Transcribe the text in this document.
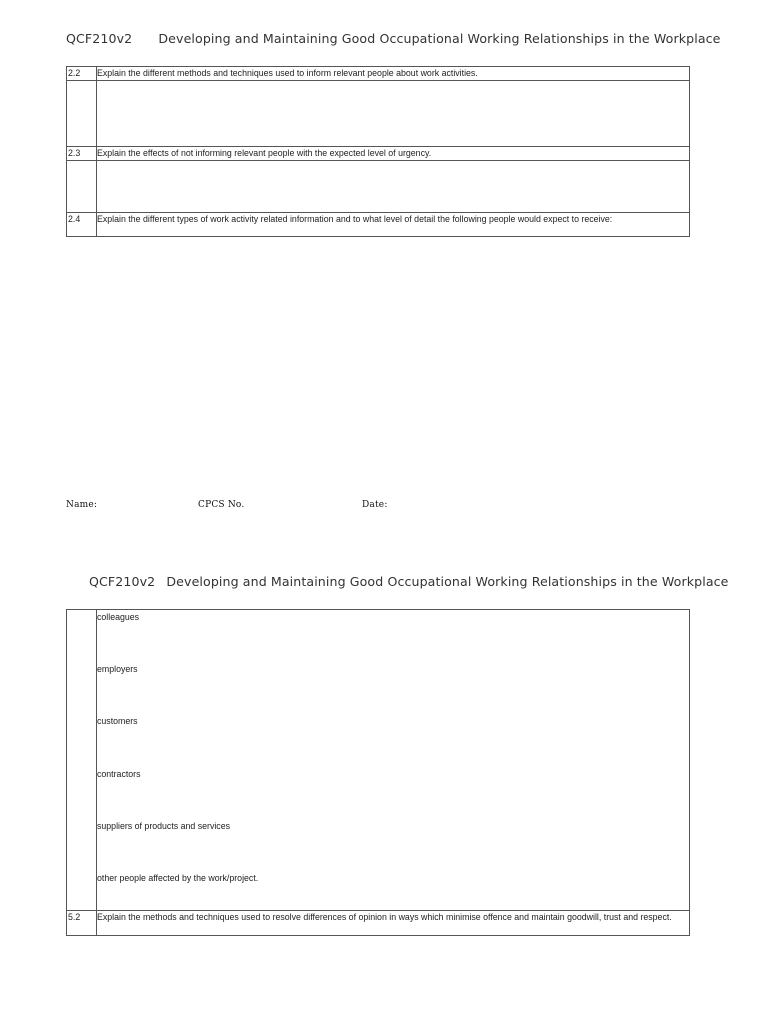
QCF210v2 Developing and Maintaining Good Occupational Working Relationships in the Workplace
2.2 Explain the different methods and techniques used to inform relevant people about work activities.
2.3 Explain the effects of not informing relevant people with the expected level of urgency.
2.4 Explain the different types of work activity related information and to what level of detail the following people would expect to receive:
Name:	CPCS No.	Date:
QCF210v2 Developing and Maintaining Good Occupational Working Relationships in the Workplace
colleagues
employers
customers
contractors
suppliers of products and services
other people affected by the work/project.
5.2 Explain the methods and techniques used to resolve differences of opinion in ways which minimise offence and maintain goodwill, trust and respect.
